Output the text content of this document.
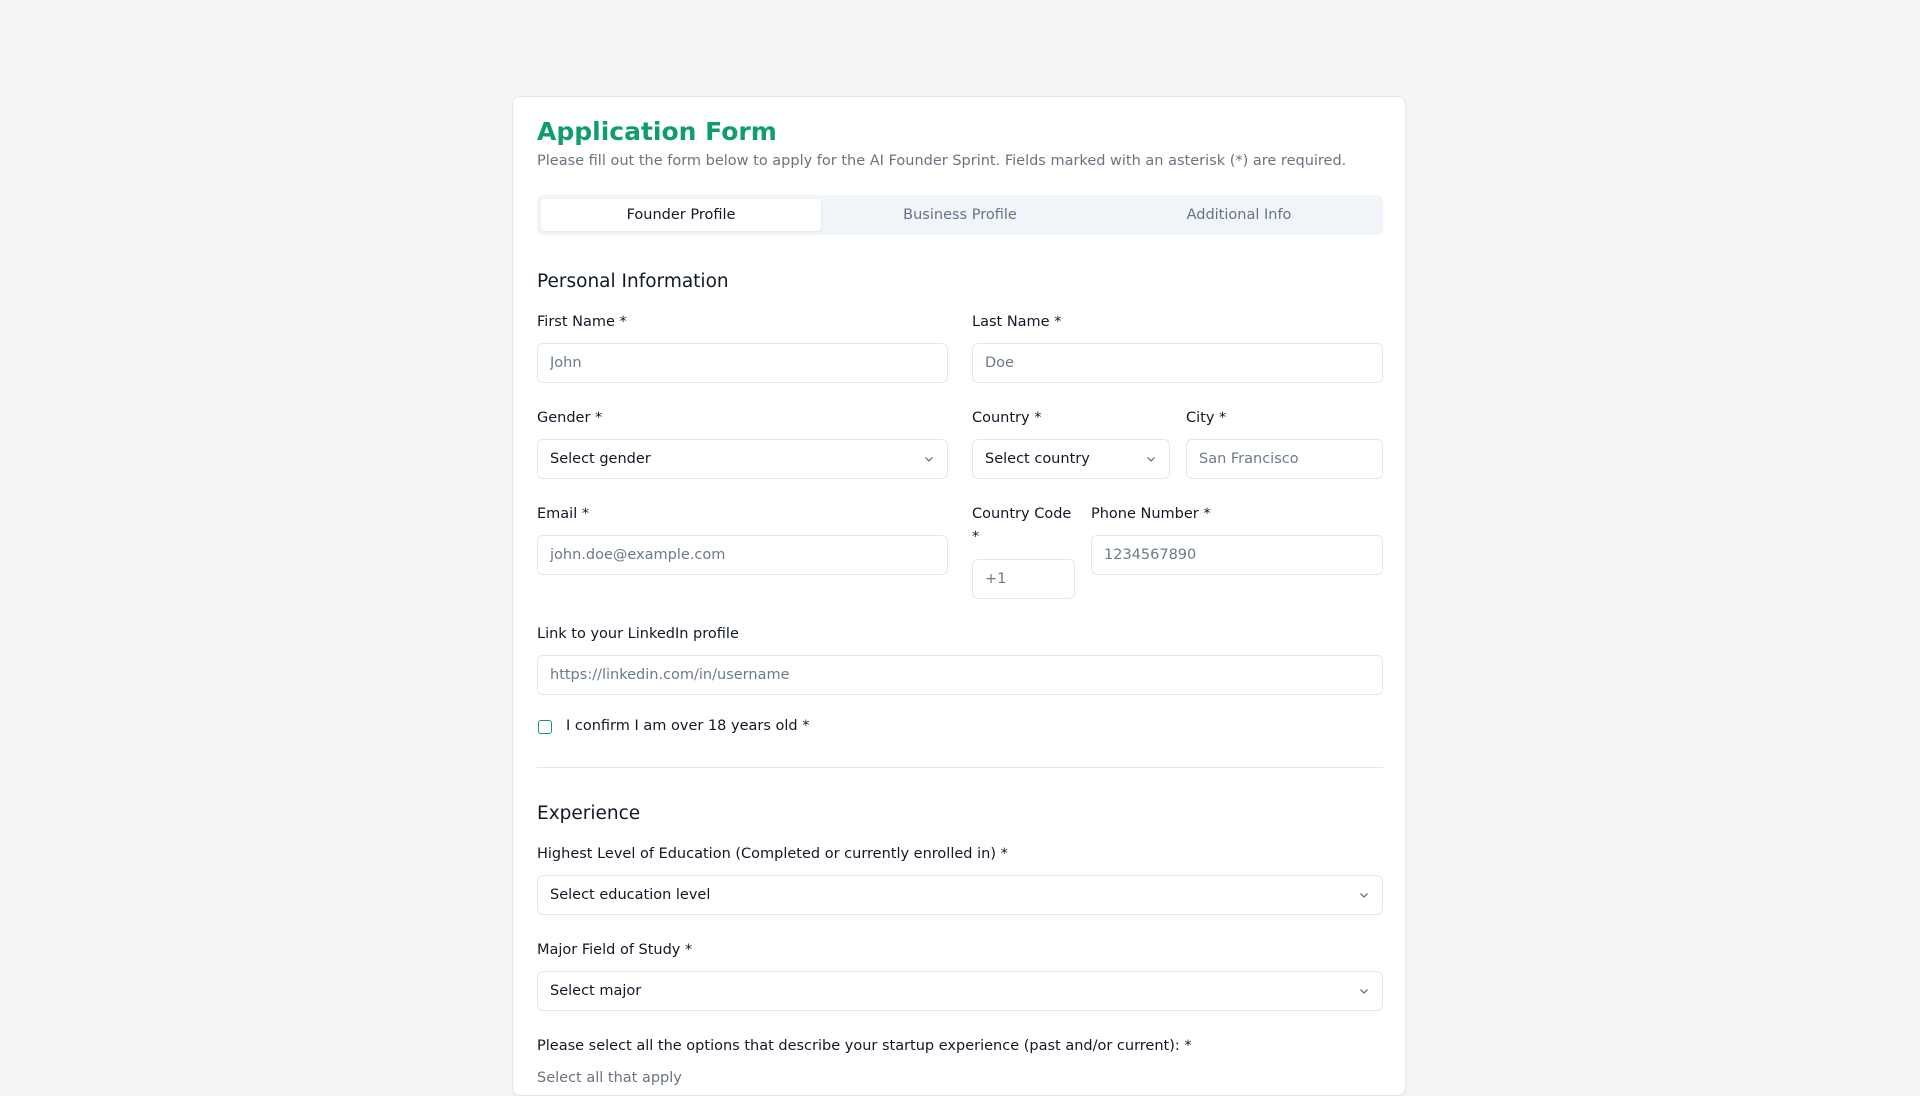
Application Form
Please fill out the form below to apply for the AI Founder Sprint. Fields marked with an asterisk (*) are required.
Founder Profile	Business Profile	Additional Info
Personal Information
First Name *
John
Last Name *
Doe
Gender *
Select gender
Country *
Select country
City *
San Francisco
Email *
john.doe@example.com
Country Code
*
+1
Phone Number *
1234567890
Link to your LinkedIn profile
https://linkedin.com/in/username
I confirm I am over 18 years old *
Experience
Highest Level of Education (Completed or currently enrolled in) *
Select education level
Major Field of Study *
Select major
Please select all the options that describe your startup experience (past and/or current): *
Select all that apply
